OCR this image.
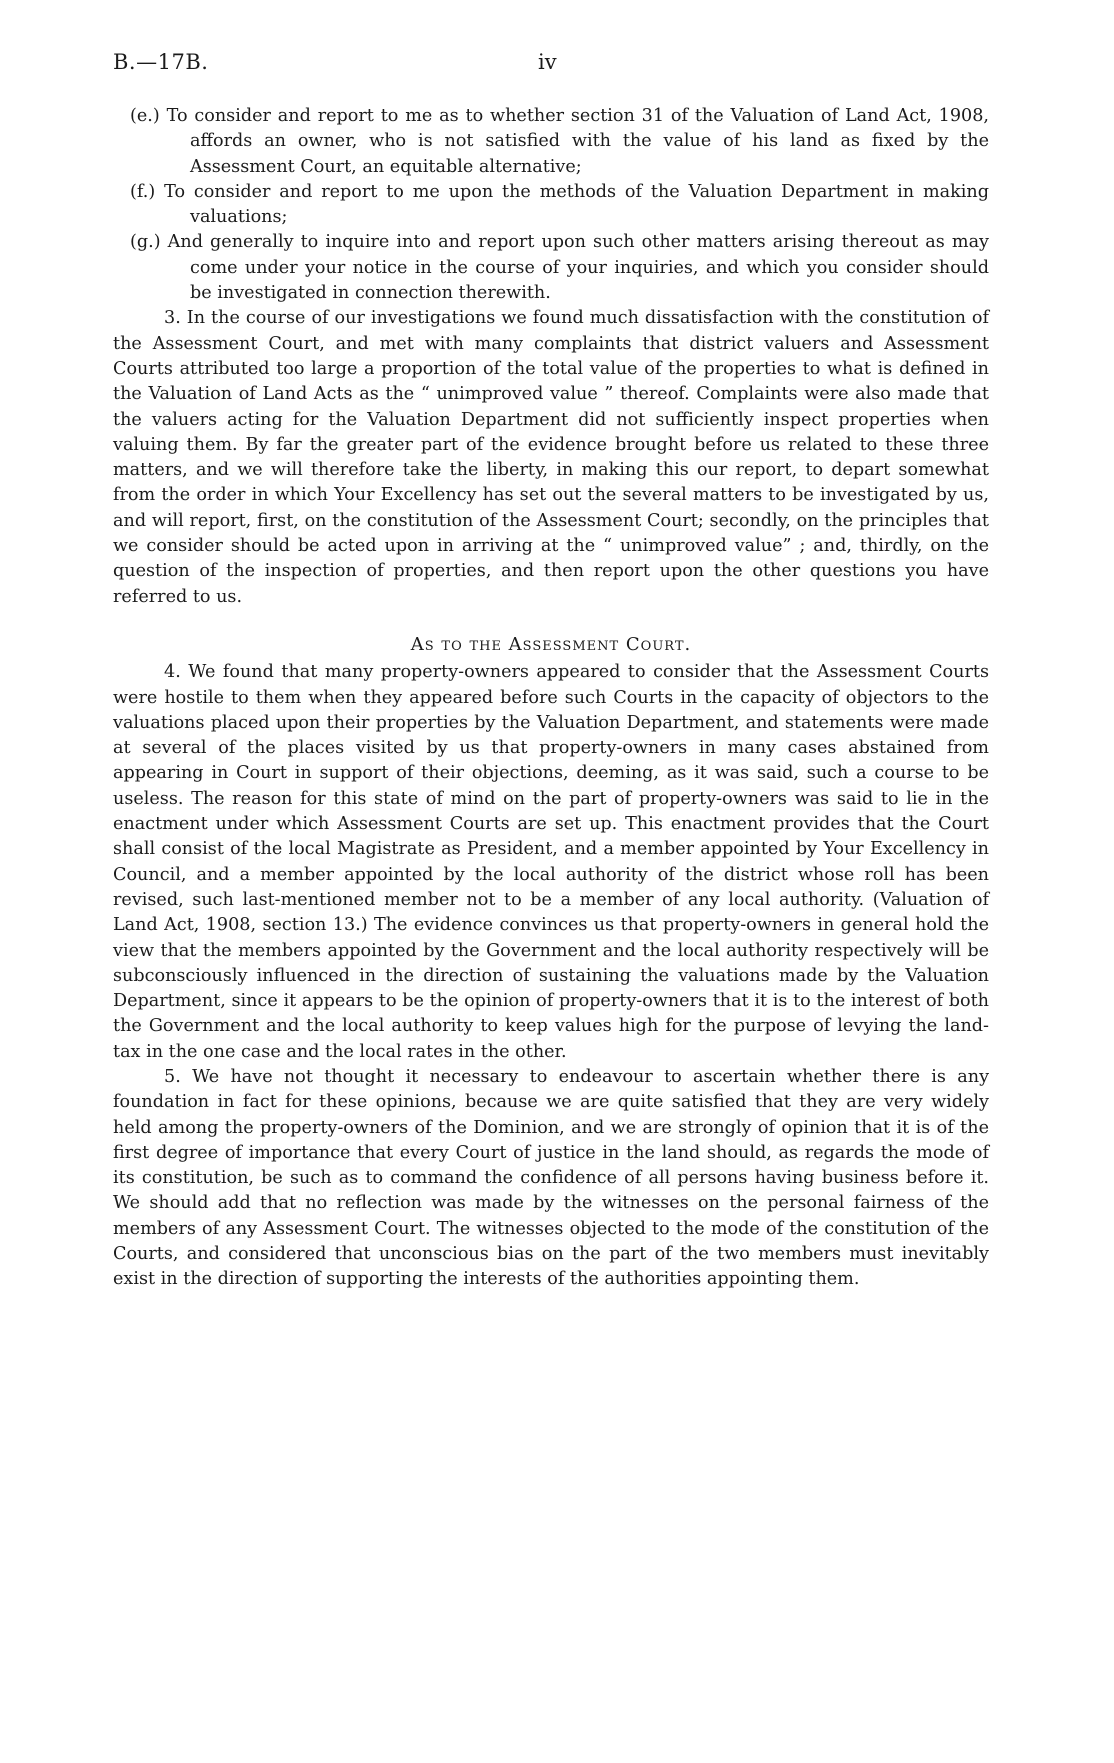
B.—17B.	iv

(e.) To consider and report to me as to whether section 31 of the Valuation of Land Act, 1908, affords an owner, who is not satisfied with the value of his land as fixed by the Assessment Court, an equitable alternative;

(f.) To consider and report to me upon the methods of the Valuation Department in making valuations;

(g.) And generally to inquire into and report upon such other matters arising thereout as may come under your notice in the course of your inquiries, and which you consider should be investigated in connection therewith.

3. In the course of our investigations we found much dissatisfaction with the constitution of the Assessment Court, and met with many complaints that district valuers and Assessment Courts attributed too large a proportion of the total value of the properties to what is defined in the Valuation of Land Acts as the “ unimproved value ” thereof. Complaints were also made that the valuers acting for the Valuation Department did not sufficiently inspect properties when valuing them. By far the greater part of the evidence brought before us related to these three matters, and we will therefore take the liberty, in making this our report, to depart somewhat from the order in which Your Excellency has set out the several matters to be investigated by us, and will report, first, on the constitution of the Assessment Court; secondly, on the principles that we consider should be acted upon in arriving at the “ unimproved value” ; and, thirdly, on the question of the inspection of properties, and then report upon the other questions you have referred to us.

As to the Assessment Court.

4. We found that many property-owners appeared to consider that the Assessment Courts were hostile to them when they appeared before such Courts in the capacity of objectors to the valuations placed upon their properties by the Valuation Department, and statements were made at several of the places visited by us that property-owners in many cases abstained from appearing in Court in support of their objections, deeming, as it was said, such a course to be useless. The reason for this state of mind on the part of property-owners was said to lie in the enactment under which Assessment Courts are set up. This enactment provides that the Court shall consist of the local Magistrate as President, and a member appointed by Your Excellency in Council, and a member appointed by the local authority of the district whose roll has been revised, such last-mentioned member not to be a member of any local authority. (Valuation of Land Act, 1908, section 13.) The evidence convinces us that property-owners in general hold the view that the members appointed by the Government and the local authority respectively will be subconsciously influenced in the direction of sustaining the valuations made by the Valuation Department, since it appears to be the opinion of property-owners that it is to the interest of both the Government and the local authority to keep values high for the purpose of levying the land-tax in the one case and the local rates in the other.

5. We have not thought it necessary to endeavour to ascertain whether there is any foundation in fact for these opinions, because we are quite satisfied that they are very widely held among the property-owners of the Dominion, and we are strongly of opinion that it is of the first degree of importance that every Court of justice in the land should, as regards the mode of its constitution, be such as to command the confidence of all persons having business before it. We should add that no reflection was made by the witnesses on the personal fairness of the members of any Assessment Court. The witnesses objected to the mode of the constitution of the Courts, and considered that unconscious bias on the part of the two members must inevitably exist in the direction of supporting the interests of the authorities appointing them.
